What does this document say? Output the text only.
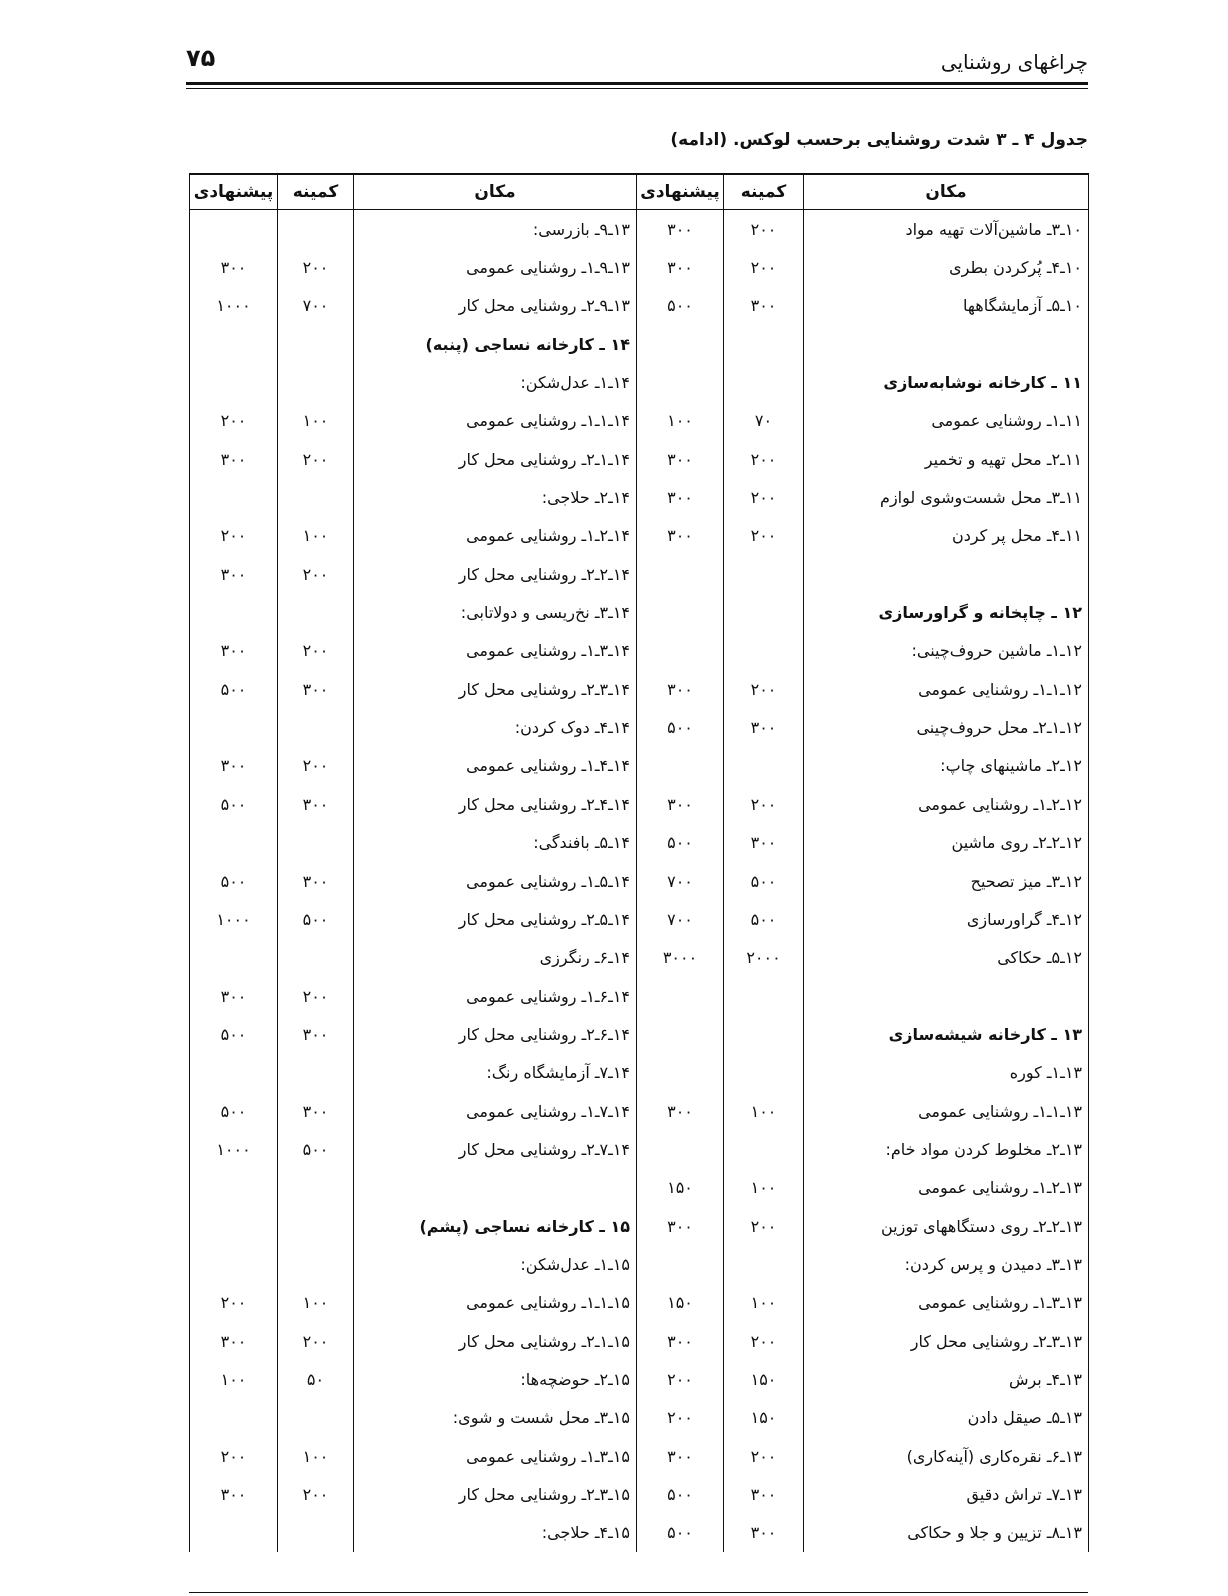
۷۵	چراغهای روشنایی
جدول ۴ ـ ۳ شدت روشنایی برحسب لوکس. (ادامه)
مکان	کمینه	پیشنهادی	مکان	کمینه	پیشنهادی
۱۰ـ۳ـ ماشین‌آلات تهیه مواد	۲۰۰	۳۰۰	۱۳ـ۹ـ بازرسی:		
۱۰ـ۴ـ پُرکردن بطری	۲۰۰	۳۰۰	۱۳ـ۹ـ۱ـ روشنایی عمومی	۲۰۰	۳۰۰
۱۰ـ۵ـ آزمایشگاهها	۳۰۰	۵۰۰	۱۳ـ۹ـ۲ـ روشنایی محل کار	۷۰۰	۱۰۰۰
			۱۴ ـ کارخانه نساجی (پنبه)		
۱۱ ـ کارخانه نوشابه‌سازی			۱۴ـ۱ـ عدل‌شکن:		
۱۱ـ۱ـ روشنایی عمومی	۷۰	۱۰۰	۱۴ـ۱ـ۱ـ روشنایی عمومی	۱۰۰	۲۰۰
۱۱ـ۲ـ محل تهیه و تخمیر	۲۰۰	۳۰۰	۱۴ـ۱ـ۲ـ روشنایی محل کار	۲۰۰	۳۰۰
۱۱ـ۳ـ محل شست‌وشوی لوازم	۲۰۰	۳۰۰	۱۴ـ۲ـ حلاجی:		
۱۱ـ۴ـ محل پر کردن	۲۰۰	۳۰۰	۱۴ـ۲ـ۱ـ روشنایی عمومی	۱۰۰	۲۰۰
			۱۴ـ۲ـ۲ـ روشنایی محل کار	۲۰۰	۳۰۰
۱۲ ـ چاپخانه و گراورسازی			۱۴ـ۳ـ نخ‌ریسی و دولاتابی:		
۱۲ـ۱ـ ماشین حروف‌چینی:			۱۴ـ۳ـ۱ـ روشنایی عمومی	۲۰۰	۳۰۰
۱۲ـ۱ـ۱ـ روشنایی عمومی	۲۰۰	۳۰۰	۱۴ـ۳ـ۲ـ روشنایی محل کار	۳۰۰	۵۰۰
۱۲ـ۱ـ۲ـ محل حروف‌چینی	۳۰۰	۵۰۰	۱۴ـ۴ـ دوک کردن:		
۱۲ـ۲ـ ماشینهای چاپ:			۱۴ـ۴ـ۱ـ روشنایی عمومی	۲۰۰	۳۰۰
۱۲ـ۲ـ۱ـ روشنایی عمومی	۲۰۰	۳۰۰	۱۴ـ۴ـ۲ـ روشنایی محل کار	۳۰۰	۵۰۰
۱۲ـ۲ـ۲ـ روی ماشین	۳۰۰	۵۰۰	۱۴ـ۵ـ بافندگی:		
۱۲ـ۳ـ میز تصحیح	۵۰۰	۷۰۰	۱۴ـ۵ـ۱ـ روشنایی عمومی	۳۰۰	۵۰۰
۱۲ـ۴ـ گراورسازی	۵۰۰	۷۰۰	۱۴ـ۵ـ۲ـ روشنایی محل کار	۵۰۰	۱۰۰۰
۱۲ـ۵ـ حکاکی	۲۰۰۰	۳۰۰۰	۱۴ـ۶ـ رنگرزی		
			۱۴ـ۶ـ۱ـ روشنایی عمومی	۲۰۰	۳۰۰
۱۳ ـ کارخانه شیشه‌سازی			۱۴ـ۶ـ۲ـ روشنایی محل کار	۳۰۰	۵۰۰
۱۳ـ۱ـ کوره			۱۴ـ۷ـ آزمایشگاه رنگ:		
۱۳ـ۱ـ۱ـ روشنایی عمومی	۱۰۰	۳۰۰	۱۴ـ۷ـ۱ـ روشنایی عمومی	۳۰۰	۵۰۰
۱۳ـ۲ـ مخلوط کردن مواد خام:			۱۴ـ۷ـ۲ـ روشنایی محل کار	۵۰۰	۱۰۰۰
۱۳ـ۲ـ۱ـ روشنایی عمومی	۱۰۰	۱۵۰			
۱۳ـ۲ـ۲ـ روی دستگاههای توزین	۲۰۰	۳۰۰	۱۵ ـ کارخانه نساجی (پشم)		
۱۳ـ۳ـ دمیدن و پرس کردن:			۱۵ـ۱ـ عدل‌شکن:		
۱۳ـ۳ـ۱ـ روشنایی عمومی	۱۰۰	۱۵۰	۱۵ـ۱ـ۱ـ روشنایی عمومی	۱۰۰	۲۰۰
۱۳ـ۳ـ۲ـ روشنایی محل کار	۲۰۰	۳۰۰	۱۵ـ۱ـ۲ـ روشنایی محل کار	۲۰۰	۳۰۰
۱۳ـ۴ـ برش	۱۵۰	۲۰۰	۱۵ـ۲ـ حوضچه‌ها:	۵۰	۱۰۰
۱۳ـ۵ـ صیقل دادن	۱۵۰	۲۰۰	۱۵ـ۳ـ محل شست و شوی:		
۱۳ـ۶ـ نقره‌کاری (آینه‌کاری)	۲۰۰	۳۰۰	۱۵ـ۳ـ۱ـ روشنایی عمومی	۱۰۰	۲۰۰
۱۳ـ۷ـ تراش دقیق	۳۰۰	۵۰۰	۱۵ـ۳ـ۲ـ روشنایی محل کار	۲۰۰	۳۰۰
۱۳ـ۸ـ تزیین و جلا و حکاکی	۳۰۰	۵۰۰	۱۵ـ۴ـ حلاجی:		
